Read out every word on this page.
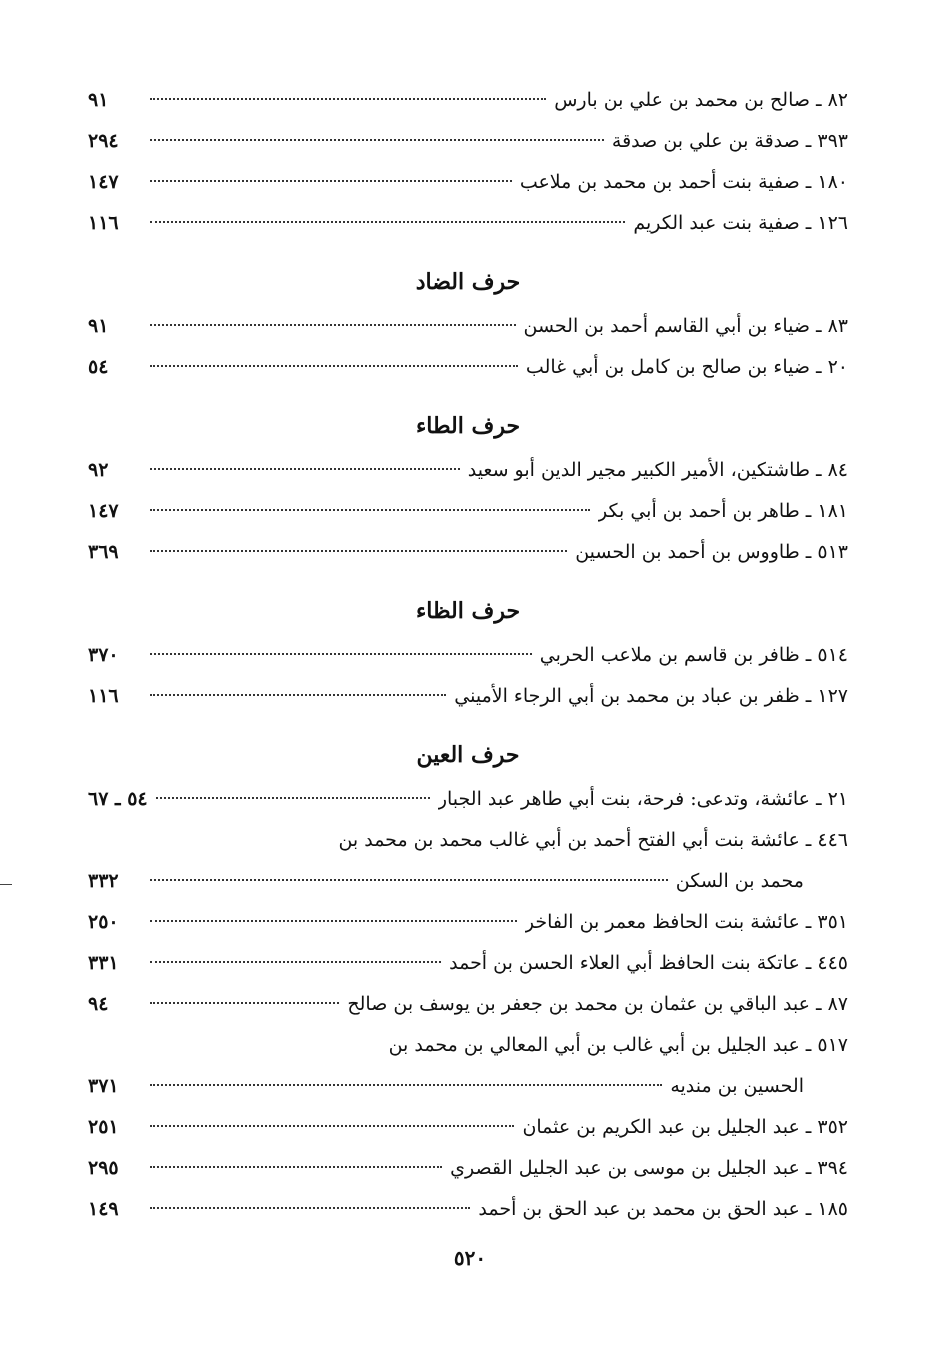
٨٢
ـ
صالح بن محمد بن علي بن بارس
٩١
٣٩٣
ـ
صدقة بن علي بن صدقة
٢٩٤
١٨٠
ـ
صفية بنت أحمد بن محمد بن ملاعب
١٤٧
١٢٦
ـ
صفية بنت عبد الكريم
١١٦
حرف الضاد
٨٣
ـ
ضياء بن أبي القاسم أحمد بن الحسن
٩١
٢٠
ـ
ضياء بن صالح بن كامل بن أبي غالب
٥٤
حرف الطاء
٨٤
ـ
طاشتكين، الأمير الكبير مجير الدين أبو سعيد
٩٢
١٨١
ـ
طاهر بن أحمد بن أبي بكر
١٤٧
٥١٣
ـ
طاووس بن أحمد بن الحسين
٣٦٩
حرف الظاء
٥١٤
ـ
ظافر بن قاسم بن ملاعب الحربي
٣٧٠
١٢٧
ـ
ظفر بن عباد بن محمد بن أبي الرجاء الأميني
١١٦
حرف العين
٢١
ـ
عائشة، وتدعى: فرحة، بنت أبي طاهر عبد الجبار
٥٤ ـ ٦٧
٤٤٦
ـ
عائشة بنت أبي الفتح أحمد بن أبي غالب محمد بن محمد بن
محمد بن السكن
٣٣٢
٣٥١
ـ
عائشة بنت الحافظ معمر بن الفاخر
٢٥٠
٤٤٥
ـ
عاتكة بنت الحافظ أبي العلاء الحسن بن أحمد
٣٣١
٨٧
ـ
عبد الباقي بن عثمان بن محمد بن جعفر بن يوسف بن صالح
٩٤
٥١٧
ـ
عبد الجليل بن أبي غالب بن أبي المعالي بن محمد بن
الحسين بن منديه
٣٧١
٣٥٢
ـ
عبد الجليل بن عبد الكريم بن عثمان
٢٥١
٣٩٤
ـ
عبد الجليل بن موسى بن عبد الجليل القصري
٢٩٥
١٨٥
ـ
عبد الحق بن محمد بن عبد الحق بن أحمد
١٤٩
٥٢٠
